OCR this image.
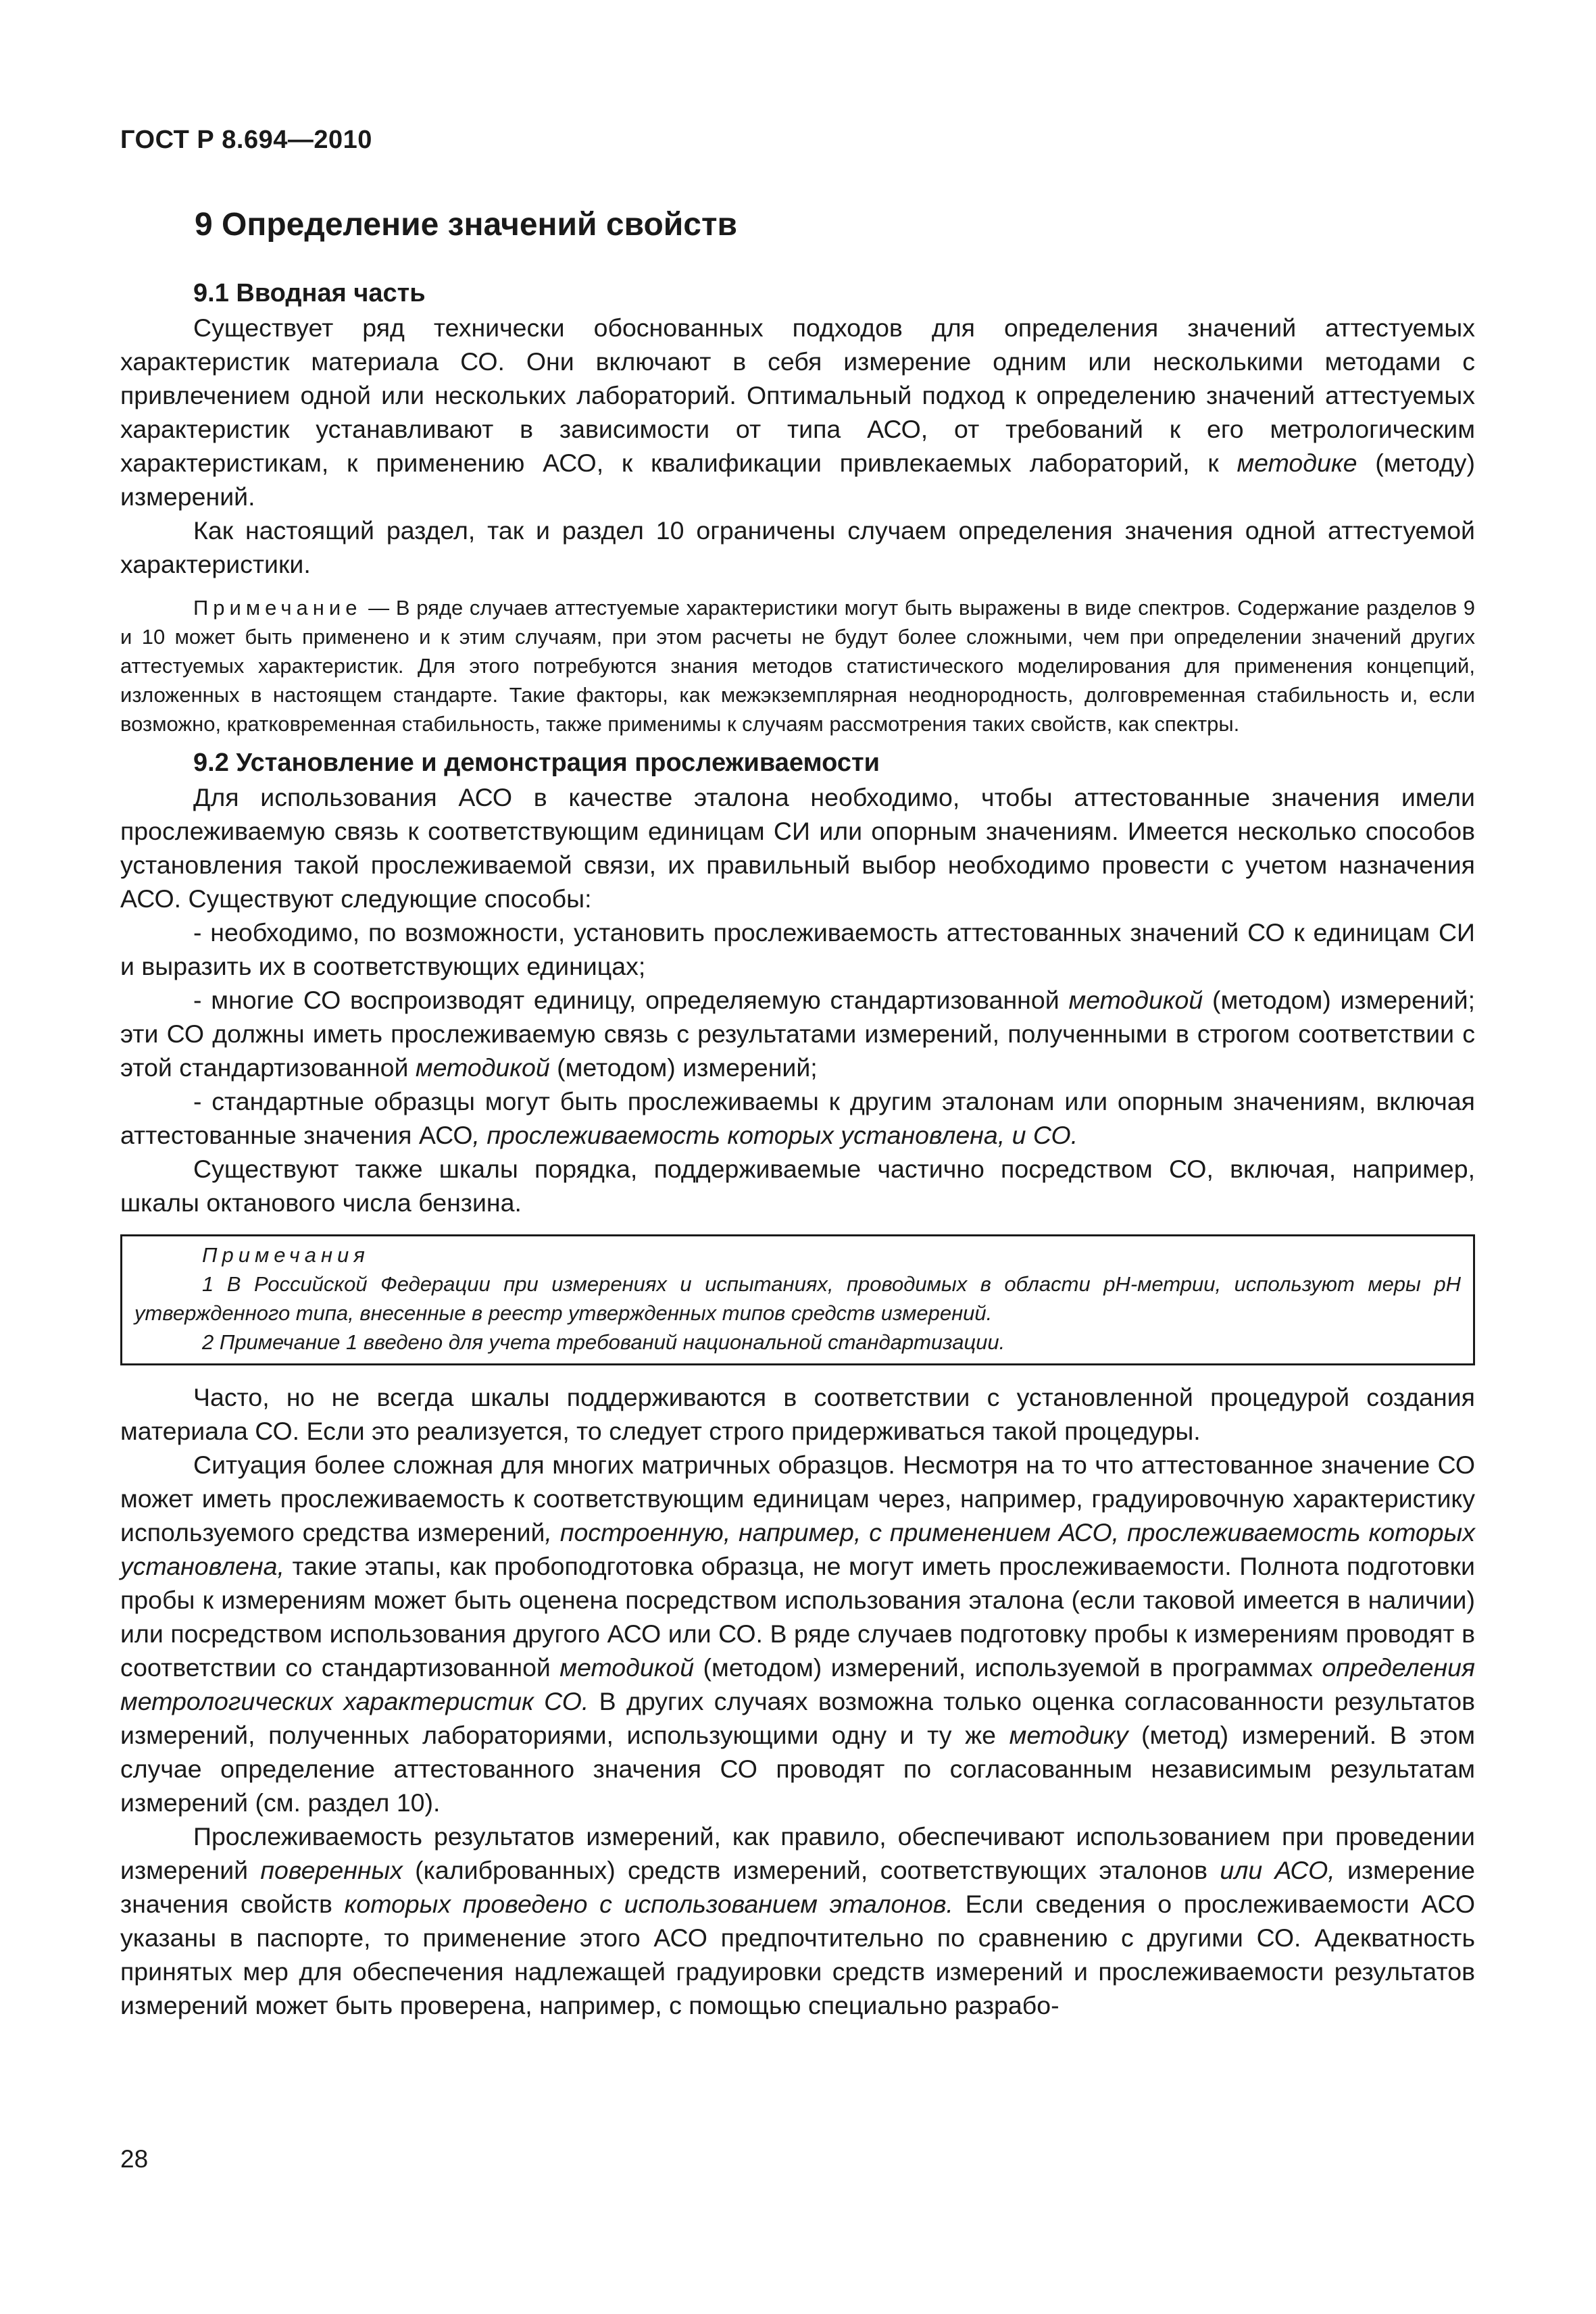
ГОСТ Р 8.694—2010
9 Определение значений свойств
9.1 Вводная часть

Существует ряд технически обоснованных подходов для определения значений аттестуемых характеристик материала СО. Они включают в себя измерение одним или несколькими методами с привлечением одной или нескольких лабораторий. Оптимальный подход к определению значений аттестуемых характеристик устанавливают в зависимости от типа АСО, от требований к его метрологическим характеристикам, к применению АСО, к квалификации привлекаемых лабораторий, к методике (методу) измерений.

Как настоящий раздел, так и раздел 10 ограничены случаем определения значения одной аттестуемой характеристики.

Примечание — В ряде случаев аттестуемые характеристики могут быть выражены в виде спектров. Содержание разделов 9 и 10 может быть применено и к этим случаям, при этом расчеты не будут более сложными, чем при определении значений других аттестуемых характеристик. Для этого потребуются знания методов статистического моделирования для применения концепций, изложенных в настоящем стандарте. Такие факторы, как межэкземплярная неоднородность, долговременная стабильность и, если возможно, кратковременная стабильность, также применимы к случаям рассмотрения таких свойств, как спектры.

9.2 Установление и демонстрация прослеживаемости

Для использования АСО в качестве эталона необходимо, чтобы аттестованные значения имели прослеживаемую связь к соответствующим единицам СИ или опорным значениям. Имеется несколько способов установления такой прослеживаемой связи, их правильный выбор необходимо провести с учетом назначения АСО. Существуют следующие способы:

- необходимо, по возможности, установить прослеживаемость аттестованных значений СО к единицам СИ и выразить их в соответствующих единицах;

- многие СО воспроизводят единицу, определяемую стандартизованной методикой (методом) измерений; эти СО должны иметь прослеживаемую связь с результатами измерений, полученными в строгом соответствии с этой стандартизованной методикой (методом) измерений;

- стандартные образцы могут быть прослеживаемы к другим эталонам или опорным значениям, включая аттестованные значения АСО, прослеживаемость которых установлена, и СО.

Существуют также шкалы порядка, поддерживаемые частично посредством СО, включая, например, шкалы октанового числа бензина.

Примечания

1 В Российской Федерации при измерениях и испытаниях, проводимых в области рН-метрии, используют меры рН утвержденного типа, внесенные в реестр утвержденных типов средств измерений.

2 Примечание 1 введено для учета требований национальной стандартизации.

Часто, но не всегда шкалы поддерживаются в соответствии с установленной процедурой создания материала СО. Если это реализуется, то следует строго придерживаться такой процедуры.

Ситуация более сложная для многих матричных образцов. Несмотря на то что аттестованное значение СО может иметь прослеживаемость к соответствующим единицам через, например, градуировочную характеристику используемого средства измерений, построенную, например, с применением АСО, прослеживаемость которых установлена, такие этапы, как пробоподготовка образца, не могут иметь прослеживаемости. Полнота подготовки пробы к измерениям может быть оценена посредством использования эталона (если таковой имеется в наличии) или посредством использования другого АСО или СО. В ряде случаев подготовку пробы к измерениям проводят в соответствии со стандартизованной методикой (методом) измерений, используемой в программах определения метрологических характеристик СО. В других случаях возможна только оценка согласованности результатов измерений, полученных лабораториями, использующими одну и ту же методику (метод) измерений. В этом случае определение аттестованного значения СО проводят по согласованным независимым результатам измерений (см. раздел 10).

Прослеживаемость результатов измерений, как правило, обеспечивают использованием при проведении измерений поверенных (калиброванных) средств измерений, соответствующих эталонов или АСО, измерение значения свойств которых проведено с использованием эталонов. Если сведения о прослеживаемости АСО указаны в паспорте, то применение этого АСО предпочтительно по сравнению с другими СО. Адекватность принятых мер для обеспечения надлежащей градуировки средств измерений и прослеживаемости результатов измерений может быть проверена, например, с помощью специально разрабо-

28
